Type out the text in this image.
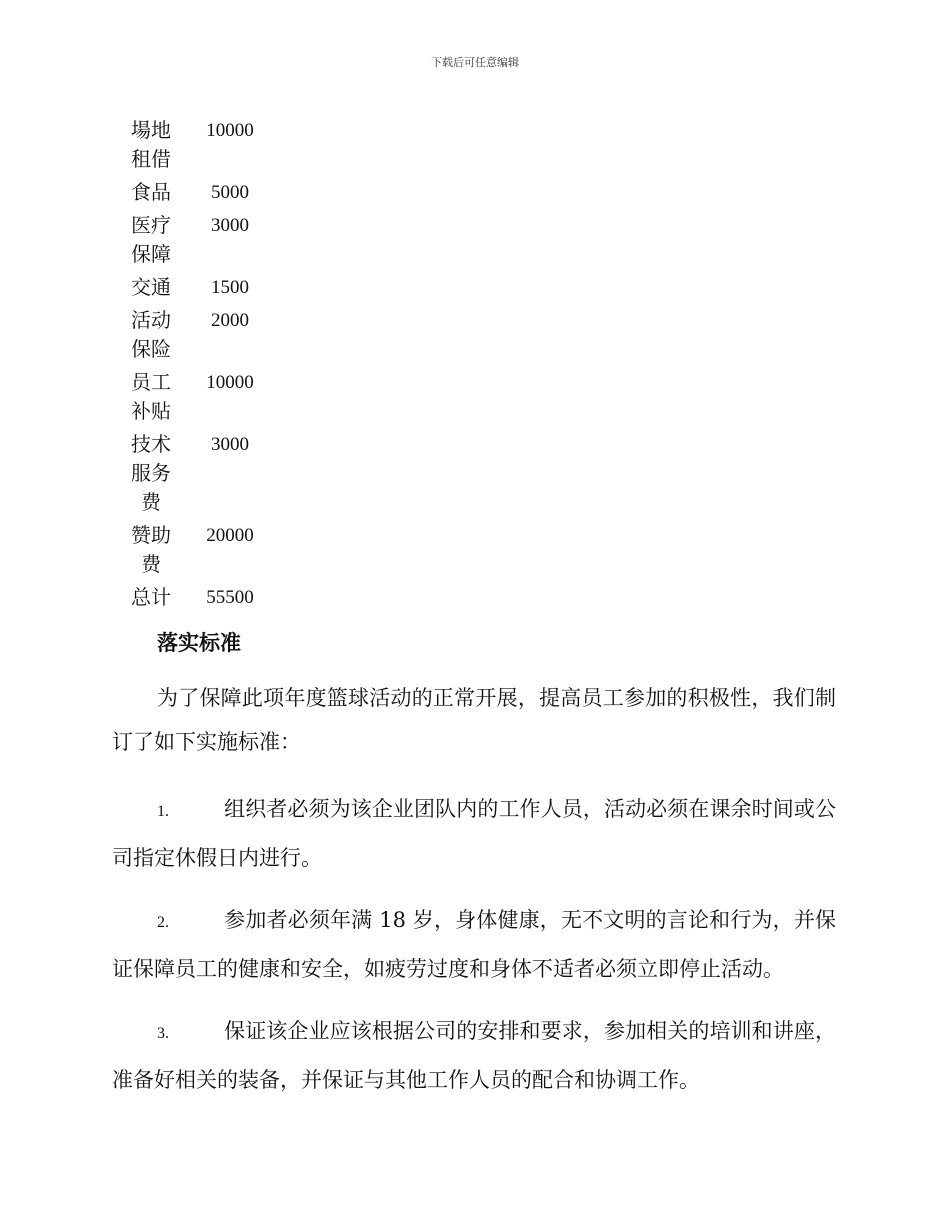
下载后可任意编辑
場地租借	10000
食品	5000
医疗保障	3000
交通	1500
活动保险	2000
员工补贴	10000
技术服务费	3000
赞助费	20000
总计	55500
落实标准

为了保障此项年度篮球活动的正常开展，提高员工参加的积极性，我们制订了如下实施标准：

1.	组织者必须为该企业团队内的工作人员，活动必须在课余时间或公司指定休假日内进行。

2.	参加者必须年满 18 岁，身体健康，无不文明的言论和行为，并保证保障员工的健康和安全，如疲劳过度和身体不适者必须立即停止活动。

3.	保证该企业应该根据公司的安排和要求，参加相关的培训和讲座，准备好相关的装备，并保证与其他工作人员的配合和协调工作。
